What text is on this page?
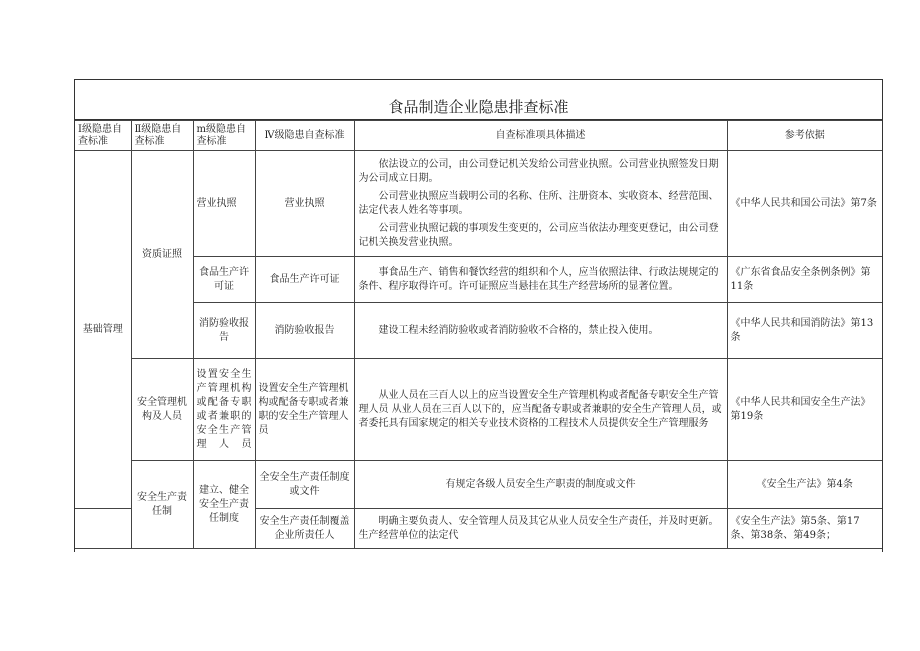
食品制造企业隐患排查标准
Ⅰ级隐患自查标准	Ⅱ级隐患自查标准	m级隐患自查标准	Ⅳ级隐患自查标准	自查标准项具体描述	参考依据
基础管理	资质证照	营业执照	营业执照	依法设立的公司，由公司登记机关发给公司营业执照。公司营业执照签发日期为公司成立日期。

公司营业执照应当载明公司的名称、住所、注册资本、实收资本、经营范围、法定代表人姓名等事项。

公司营业执照记载的事项发生变更的，公司应当依法办理变更登记，由公司登记机关换发营业执照。	《中华人民共和国公司法》第7条
		食品生产许可证	食品生产许可证	事食品生产、销售和餐饮经营的组织和个人，应当依照法律、行政法规规定的条件、程序取得许可。许可证照应当悬挂在其生产经营场所的显著位置。	《广东省食品安全条例条例》第11条
		消防验收报告	消防验收报告	建设工程未经消防验收或者消防验收不合格的，禁止投入使用。	《中华人民共和国消防法》第13条
	安全管理机构及人员	设置安全生产管理机构或配备专职或者兼职的安全生产管理人员	设置安全生产管理机构或配备专职或者兼职的安全生产管理人员	从业人员在三百人以上的应当设置安全生产管理机构或者配备专职安全生产管理人员 从业人员在三百人以下的，应当配备专职或者兼职的安全生产管理人员，或者委托具有国家规定的相关专业技术资格的工程技术人员提供安全生产管理服务	《中华人民共和国安全生产法》第19条
	安全生产责任制	建立、健全安全生产责任制度	全安全生产责任制度或文件	有规定各级人员安全生产职责的制度或文件	《安全生产法》第4条
			安全生产责任制覆盖企业所责任人	明确主要负责人、安全管理人员及其它从业人员安全生产责任，并及时更新。生产经营单位的法定代	《安全生产法》第5条、第17条、第38条、第49条；
